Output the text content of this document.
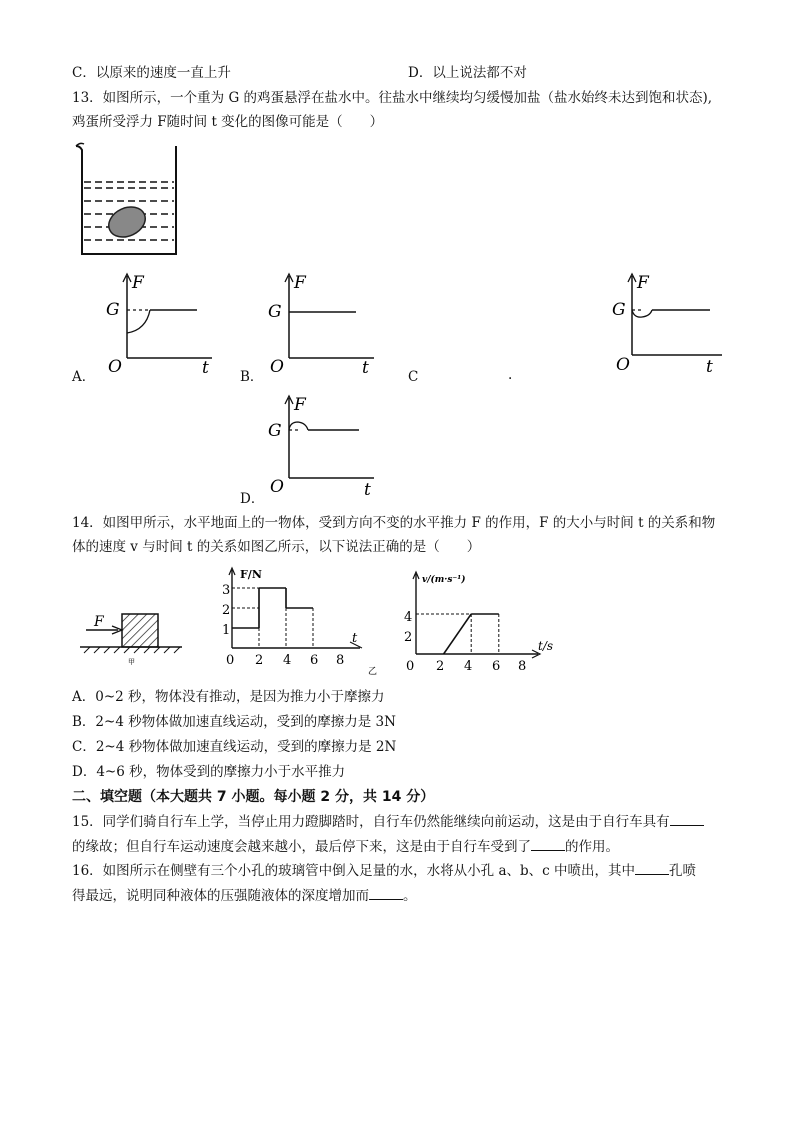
C．以原来的速度一直上升	D．以上说法都不对
13．如图所示，一个重为 G 的鸡蛋悬浮在盐水中。往盐水中继续均匀缓慢加盐（盐水始终未达到饱和状态),
鸡蛋所受浮力 F随时间 t 变化的图像可能是（　　）
F
G
O	t
A．
F
G
O	t
B．	C	.
F
G
O	t
F
G
O	t
D．
14．如图甲所示，水平地面上的一物体，受到方向不变的水平推力 F 的作用，F 的大小与时间 t 的关系和物
体的速度 v 与时间 t 的关系如图乙所示，以下说法正确的是（　　）
F
甲
F/N
t
乙
1
2
3
0 2 4 6 8
v/(m·s⁻¹)
t/s
2
4
0 2 4 6 8
A．0~2 秒，物体没有推动，是因为推力小于摩擦力
B．2~4 秒物体做加速直线运动，受到的摩擦力是 3N
C．2~4 秒物体做加速直线运动，受到的摩擦力是 2N
D．4~6 秒，物体受到的摩擦力小于水平推力
二、填空题（本大题共 7 小题。每小题 2 分，共 14 分）
15．同学们骑自行车上学，当停止用力蹬脚踏时，自行车仍然能继续向前运动，这是由于自行车具有
的缘故；但自行车运动速度会越来越小，最后停下来，这是由于自行车受到了	的作用。
16．如图所示在侧壁有三个小孔的玻璃管中倒入足量的水，水将从小孔 a、b、c 中喷出，其中	孔喷
得最远，说明同种液体的压强随液体的深度增加而	。
